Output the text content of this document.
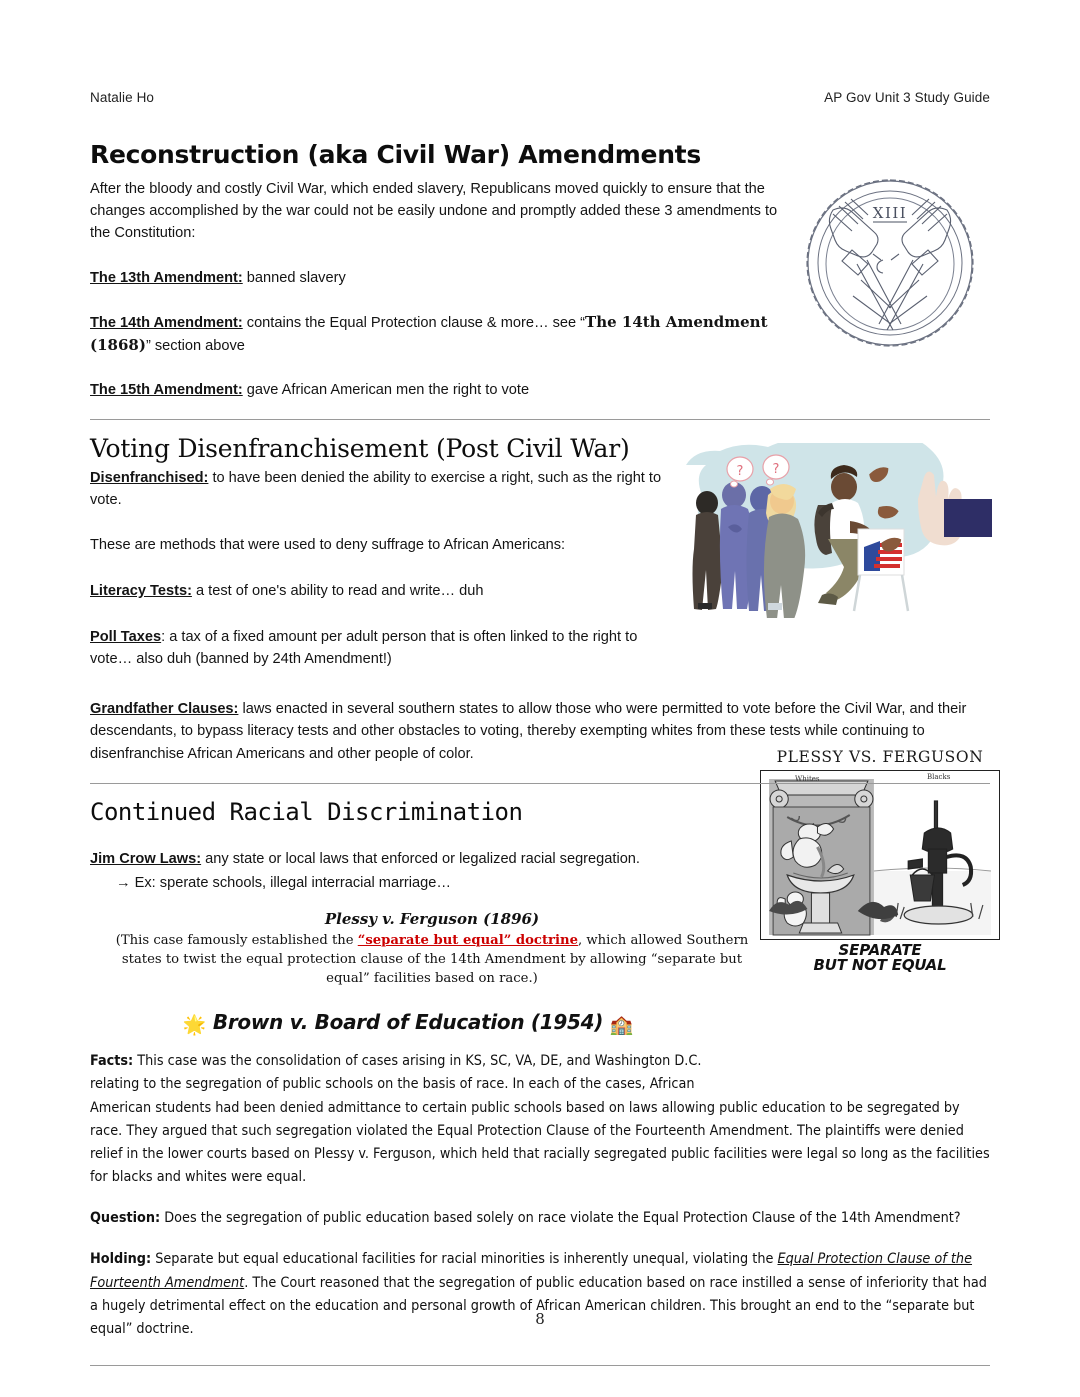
Natalie Ho	AP Gov Unit 3 Study Guide
XIII
? ?
PLESSY VS. FERGUSON
Whites	Blacks
SEPARATE
BUT NOT EQUAL
Reconstruction (aka Civil War) Amendments

After the bloody and costly Civil War, which ended slavery, Republicans moved quickly to ensure that the changes accomplished by the war could not be easily undone and promptly added these 3 amendments to the Constitution:

The 13th Amendment: banned slavery

The 14th Amendment: contains the Equal Protection clause & more… see “The 14th Amendment (1868)” section above

The 15th Amendment: gave African American men the right to vote

Voting Disenfranchisement (Post Civil War)

Disenfranchised: to have been denied the ability to exercise a right, such as the right to vote.

These are methods that were used to deny suffrage to African Americans:

Literacy Tests: a test of one's ability to read and write… duh

Poll Taxes: a tax of a fixed amount per adult person that is often linked to the right to vote… also duh (banned by 24th Amendment!)

Grandfather Clauses: laws enacted in several southern states to allow those who were permitted to vote before the Civil War, and their descendants, to bypass literacy tests and other obstacles to voting, thereby exempting whites from these tests while continuing to disenfranchise African Americans and other people of color.

Continued Racial Discrimination

Jim Crow Laws: any state or local laws that enforced or legalized racial segregation.

→ Ex: sperate schools, illegal interracial marriage…

Plessy v. Ferguson (1896)
(This case famously established the “separate but equal” doctrine, which allowed Southern states to twist the equal protection clause of the 14th Amendment by allowing “separate but equal” facilities based on race.)
🌟 Brown v. Board of Education (1954) 🏫

Facts: This case was the consolidation of cases arising in KS, SC, VA, DE, and Washington D.C. relating to the segregation of public schools on the basis of race. In each of the cases, African

American students had been denied admittance to certain public schools based on laws allowing public education to be segregated by race. They argued that such segregation violated the Equal Protection Clause of the Fourteenth Amendment. The plaintiffs were denied relief in the lower courts based on Plessy v. Ferguson, which held that racially segregated public facilities were legal so long as the facilities for blacks and whites were equal.

Question: Does the segregation of public education based solely on race violate the Equal Protection Clause of the 14th Amendment?

Holding: Separate but equal educational facilities for racial minorities is inherently unequal, violating the Equal Protection Clause of the Fourteenth Amendment. The Court reasoned that the segregation of public education based on race instilled a sense of inferiority that had a hugely detrimental effect on the education and personal growth of African American children. This brought an end to the “separate but equal” doctrine.

8
